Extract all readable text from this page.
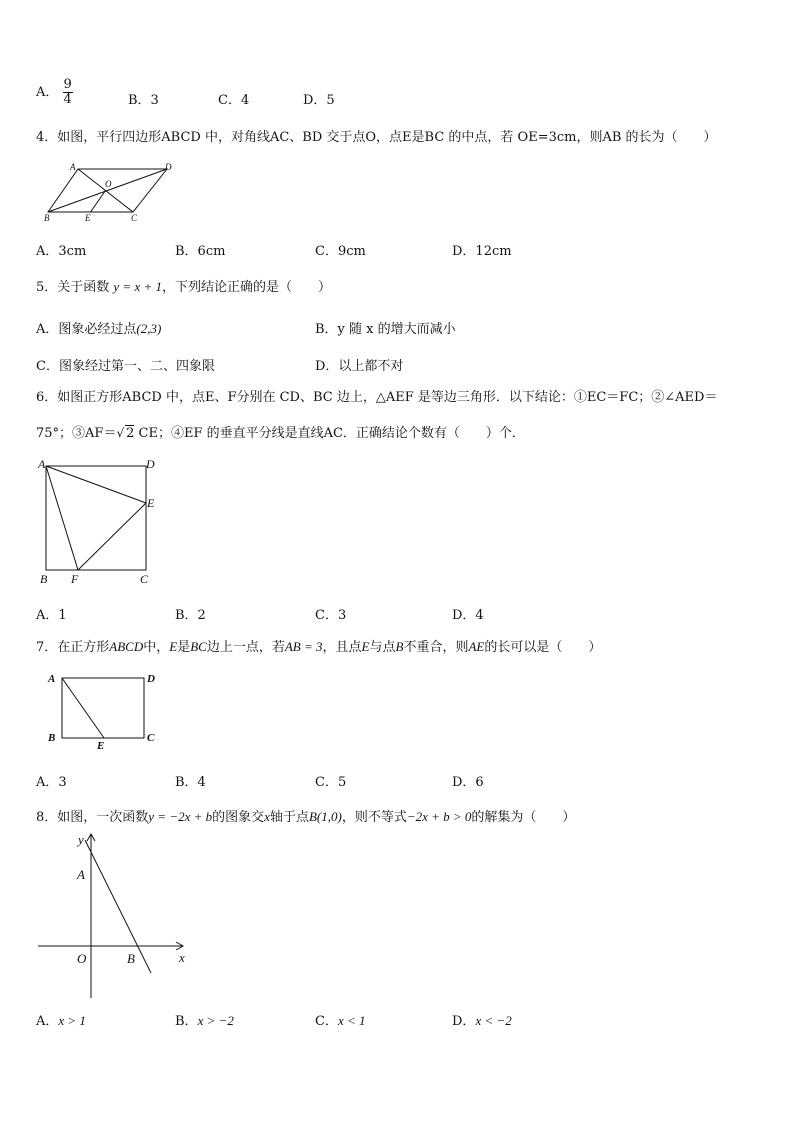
A． $\frac{9}{4}$	B．3	C．4	D．5
4．如图，平行四边形ABCD 中，对角线AC、BD 交于点O，点E是BC 的中点，若 OE=3cm，则AB 的长为（　　）
A	D
O
B	E	C
A．3cm	B．6cm	C．9cm	D．12cm
5．关于函数 y = x + 1，下列结论正确的是（　　）
A．图象必经过点(2,3)	B．y 随 x 的增大而减小
C．图象经过第一、二、四象限	D．以上都不对
6．如图正方形ABCD 中，点E、F分别在 CD、BC 边上，△AEF 是等边三角形．以下结论：①EC＝FC；②∠AED＝
75°；③AF＝√ 2 CE；④EF 的垂直平分线是直线AC．正确结论个数有（　　）个．
A	D
E
B F	C
A．1	B．2	C．3	D．4
7．在正方形ABCD中，E是BC边上一点，若AB = 3，且点E与点B不重合，则AE的长可以是（　　）
A	D
B
E
C
A．3	B．4	C．5	D．6
8．如图，一次函数y = −2x + b的图象交x轴于点B(1,0)，则不等式−2x + b > 0的解集为（　　）
y
x
A
O	B
A．x > 1	B．x > −2	C．x < 1	D．x < −2
